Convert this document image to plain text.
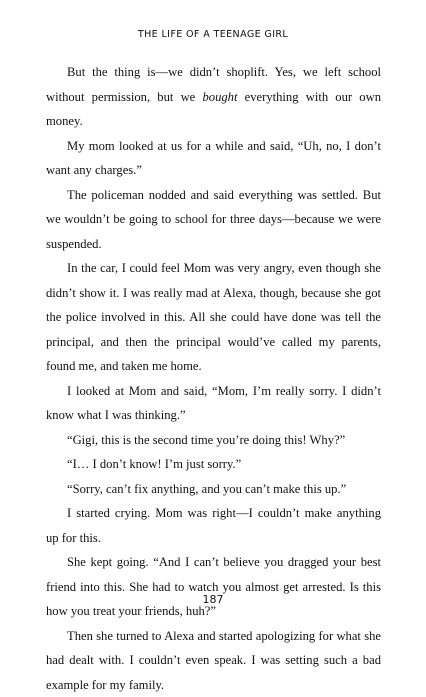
THE LIFE OF A TEENAGE GIRL

But the thing is—we didn’t shoplift. Yes, we left school without permission, but we bought everything with our own money.

My mom looked at us for a while and said, “Uh, no, I don’t want any charges.”

The policeman nodded and said everything was settled. But we wouldn’t be going to school for three days—because we were suspended.

In the car, I could feel Mom was very angry, even though she didn’t show it. I was really mad at Alexa, though, because she got the police involved in this. All she could have done was tell the principal, and then the principal would’ve called my parents, found me, and taken me home.

I looked at Mom and said, “Mom, I’m really sorry. I didn’t know what I was thinking.”

“Gigi, this is the second time you’re doing this! Why?”

“I… I don’t know! I’m just sorry.”

“Sorry, can’t fix anything, and you can’t make this up.”

I started crying. Mom was right—I couldn’t make anything up for this.

She kept going. “And I can’t believe you dragged your best friend into this. She had to watch you almost get arrested. Is this how you treat your friends, huh?”

Then she turned to Alexa and started apologizing for what she had dealt with. I couldn’t even speak. I was setting such a bad example for my family.

187
